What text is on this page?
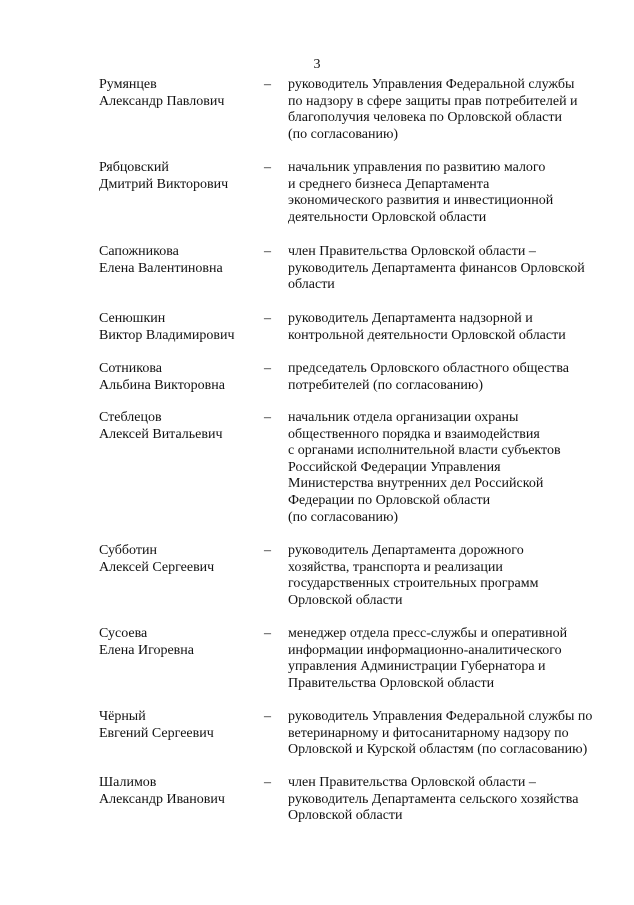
3
Румянцев
Александр Павлович
–	руководитель Управления Федеральной службы
по надзору в сфере защиты прав потребителей и
благополучия человека по Орловской области
(по согласованию)
Рябцовский
Дмитрий Викторович
–	начальник управления по развитию малого
и среднего бизнеса Департамента
экономического развития и инвестиционной
деятельности Орловской области
Сапожникова
Елена Валентиновна
–	член Правительства Орловской области –
руководитель Департамента финансов Орловской
области
Сенюшкин
Виктор Владимирович
–	руководитель Департамента надзорной и
контрольной деятельности Орловской области
Сотникова
Альбина Викторовна
–	председатель Орловского областного общества
потребителей (по согласованию)
Стеблецов
Алексей Витальевич
–	начальник отдела организации охраны
общественного порядка и взаимодействия
с органами исполнительной власти субъектов
Российской Федерации Управления
Министерства внутренних дел Российской
Федерации по Орловской области
(по согласованию)
Субботин
Алексей Сергеевич
–	руководитель Департамента дорожного
хозяйства, транспорта и реализации
государственных строительных программ
Орловской области
Сусоева
Елена Игоревна
–	менеджер отдела пресс-службы и оперативной
информации информационно-аналитического
управления Администрации Губернатора и
Правительства Орловской области
Чёрный
Евгений Сергеевич
–	руководитель Управления Федеральной службы по
ветеринарному и фитосанитарному надзору по
Орловской и Курской областям (по согласованию)
Шалимов
Александр Иванович
–	член Правительства Орловской области –
руководитель Департамента сельского хозяйства
Орловской области
